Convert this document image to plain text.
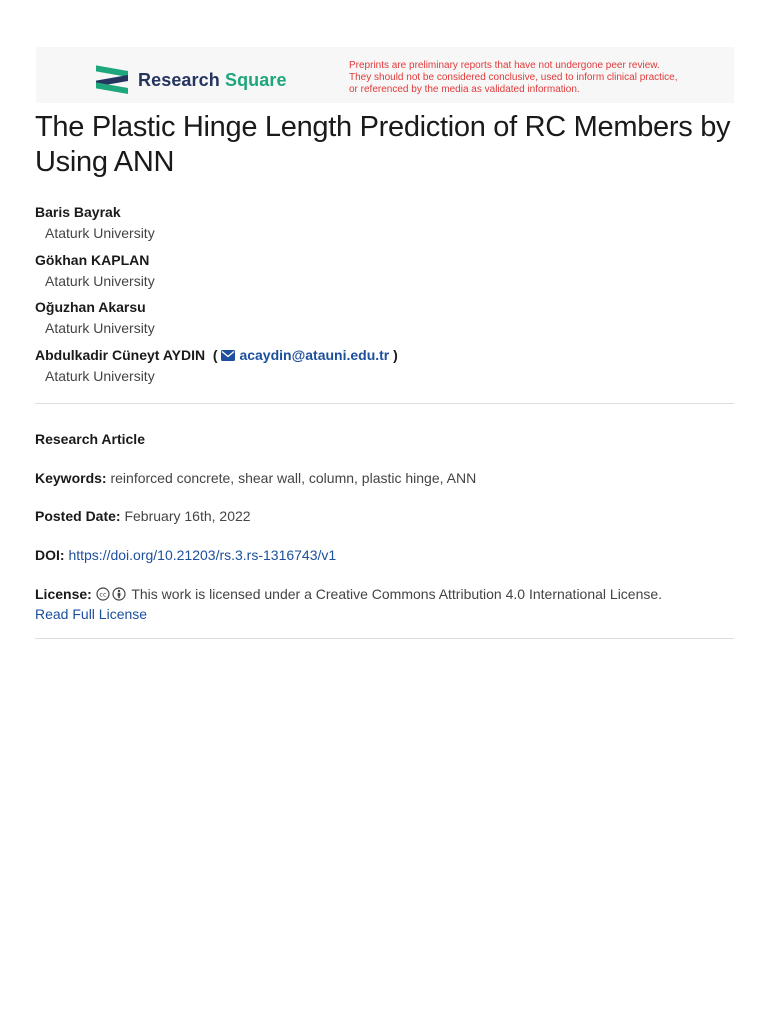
Research Square
Preprints are preliminary reports that have not undergone peer review.
They should not be considered conclusive, used to inform clinical practice,
or referenced by the media as validated information.
The Plastic Hinge Length Prediction of RC Members by Using ANN
Baris Bayrak
Ataturk University
Gökhan KAPLAN
Ataturk University
Oğuzhan Akarsu
Ataturk University
Abdulkadir Cüneyt AYDIN  ( acaydin@atauni.edu.tr )
Ataturk University
Research Article
Keywords: reinforced concrete, shear wall, column, plastic hinge, ANN
Posted Date: February 16th, 2022
DOI: https://doi.org/10.21203/rs.3.rs-1316743/v1
License: cc This work is licensed under a Creative Commons Attribution 4.0 International License.
Read Full License
